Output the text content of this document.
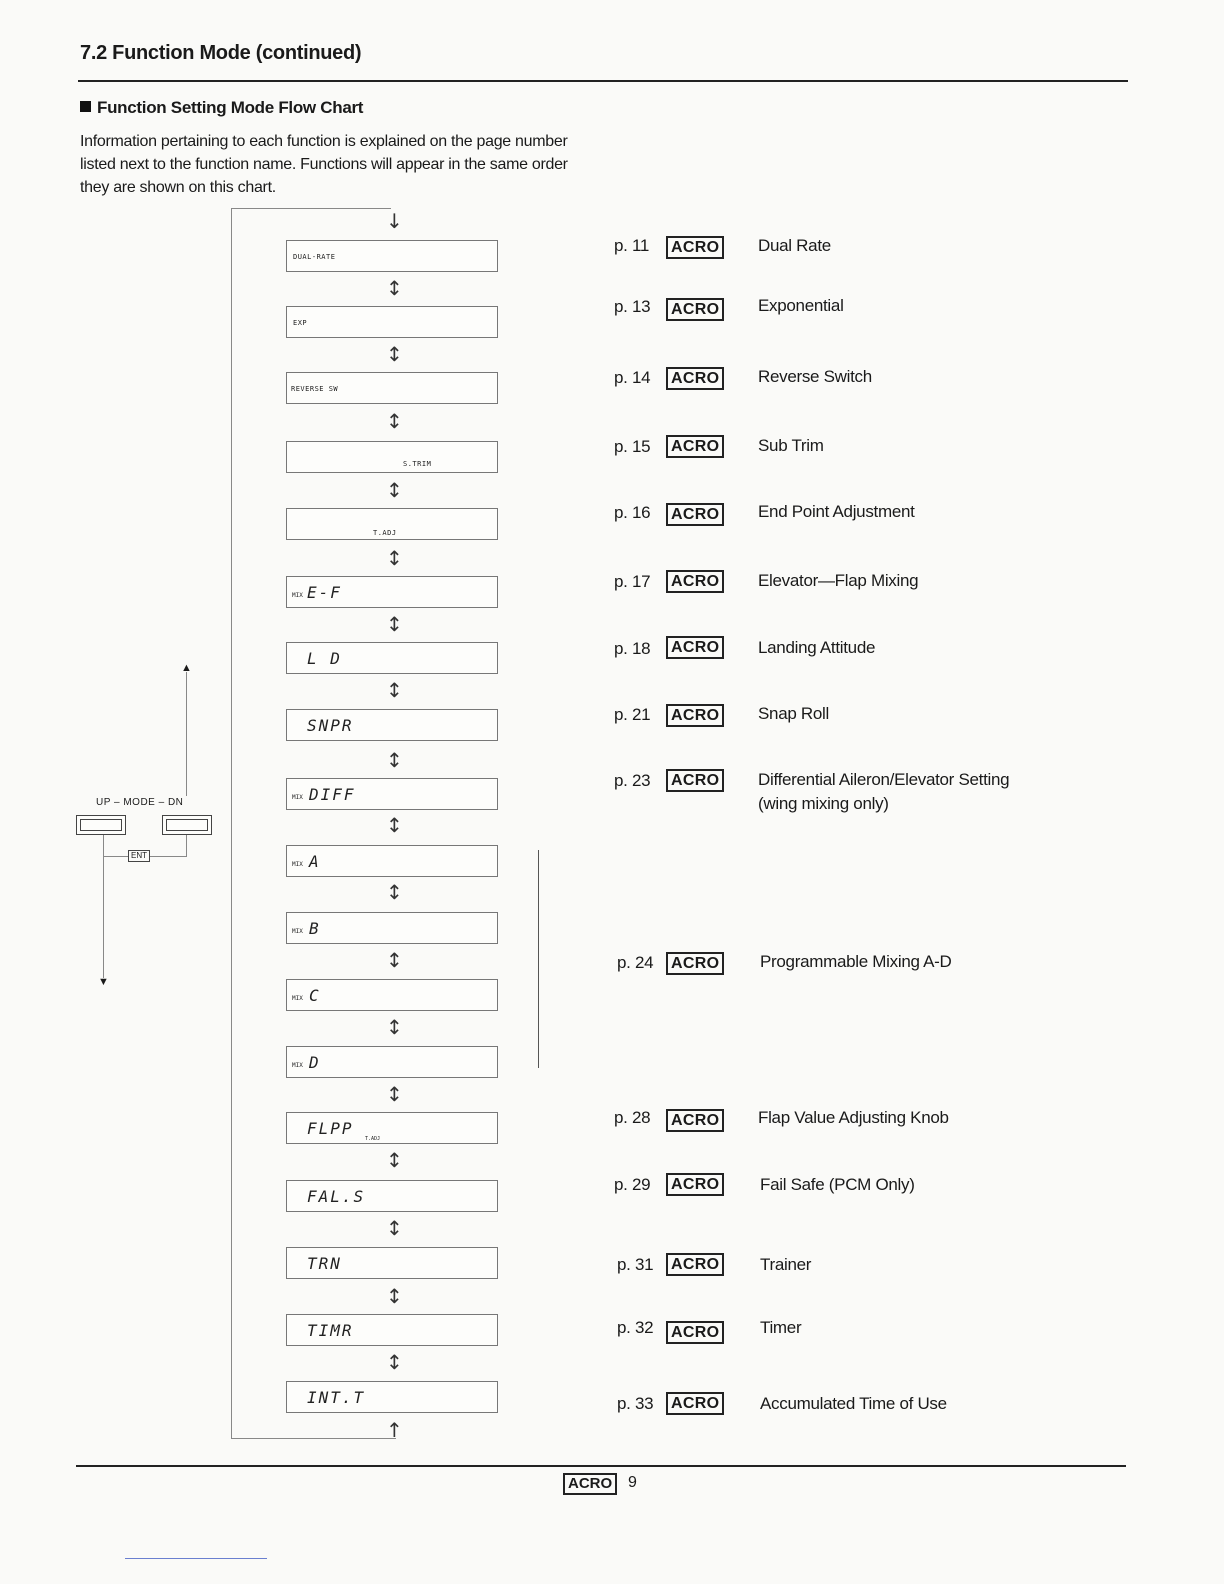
7.2 Function Mode (continued)
Function Setting Mode Flow Chart
Information pertaining to each function is explained on the page number listed next to the function name. Functions will appear in the same order they are shown on this chart.
↓
↑
DUAL-RATE
↕
EXP
↕
REVERSE SW
↕
S.TRIM
↕
T.ADJ
↕
MIX E-F
↕
L D
↕
SNPR
↕
MIX DIFF
↕
MIX A
↕
MIX B
↕
MIX C
↕
MIX D
↕
FLPP
T.ADJ
↕
FAL.S
↕
TRN
↕
TIMR
↕
INT.T
p. 11	ACRO Dual Rate
p. 13	ACRO Exponential
p. 14	ACRO Reverse Switch
p. 15	ACRO Sub Trim
p. 16	ACRO End Point Adjustment
p. 17	ACRO Elevator—Flap Mixing
p. 18	ACRO Landing Attitude
p. 21	ACRO Snap Roll
p. 23	ACRO Differential Aileron/Elevator Setting
(wing mixing only)
p. 24	ACRO Programmable Mixing A-D
p. 28	ACRO Flap Value Adjusting Knob
p. 29	ACRO Fail Safe (PCM Only)
p. 31	ACRO Trainer
p. 32	ACRO Timer
p. 33	ACRO Accumulated Time of Use
▲
UP – MODE – DN
ENT
▼
ACRO 9
